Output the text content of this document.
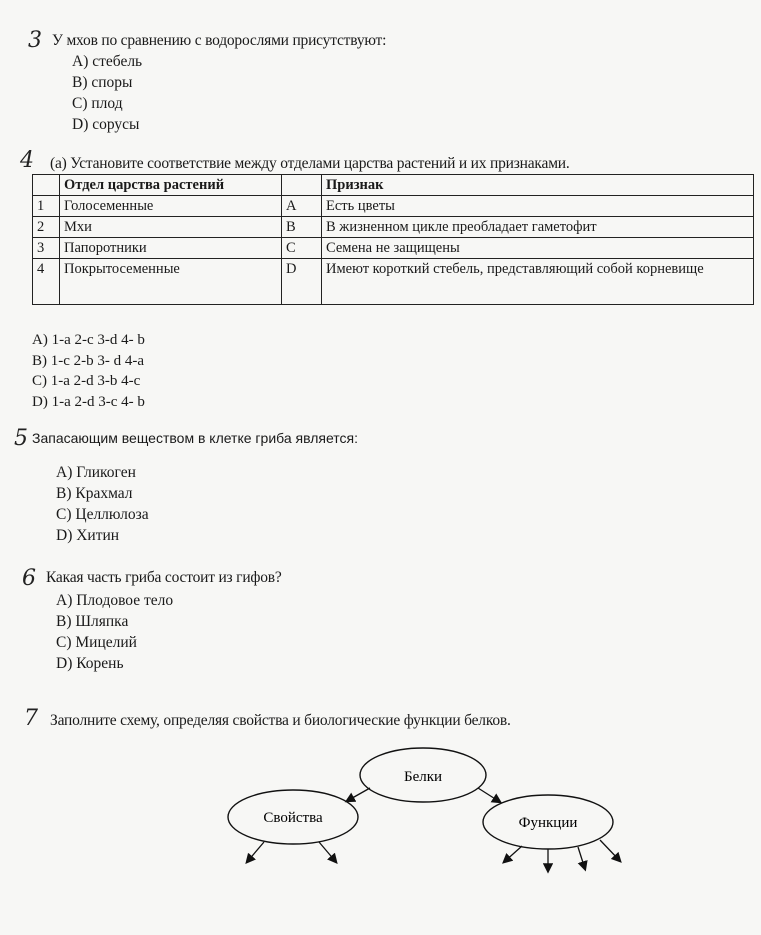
3 У мхов по сравнению с водорослями присутствуют:
А) стебель
В) споры
С) плод
D) сорусы
4 (а) Установите соответствие между отделами царства растений и их признаками.
	Отдел царства растений		Признак
1	Голосеменные	A	Есть цветы
2	Мхи	B	В жизненном цикле преобладает гаметофит
3	Папоротники	C	Семена не защищены
4	Покрытосеменные	D	Имеют короткий стебель, представляющий собой корневище
A) 1-a 2-c 3-d 4- b
B) 1-c 2-b 3- d 4-a
C) 1-a 2-d 3-b 4-c
D) 1-a 2-d 3-c 4- b
5 Запасающим веществом в клетке гриба является:
A) Гликоген
B) Крахмал
C) Целлюлоза
D) Хитин
6 Какая часть гриба состоит из гифов?
A) Плодовое тело
B) Шляпка
C) Мицелий
D) Корень
7 Заполните схему, определяя свойства и биологические функции белков.
Белки
Свойства	Функции
